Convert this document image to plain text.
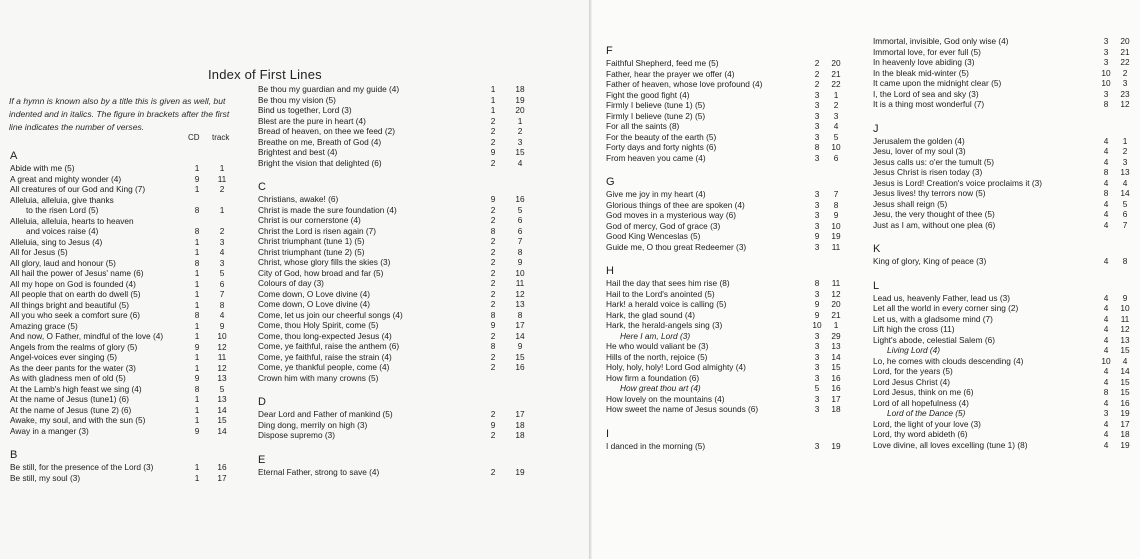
Index of First Lines
If a hymn is known also by a title this is given as well, but indented and in italics. The figure in brackets after the first line indicates the number of verses.
CD track
A
Abide with me (5)	1	1
A great and mighty wonder (4)	9	11
All creatures of our God and King (7)	1	2
Alleluia, alleluia, give thanks
to the risen Lord (5)	8	1
Alleluia, alleluia, hearts to heaven
and voices raise (4)	8	2
Alleluia, sing to Jesus (4)	1	3
All for Jesus (5)	1	4
All glory, laud and honour (5)	8	3
All hail the power of Jesus' name (6)	1	5
All my hope on God is founded (4)	1	6
All people that on earth do dwell (5)	1	7
All things bright and beautiful (5)	1	8
All you who seek a comfort sure (6)	8	4
Amazing grace (5)	1	9
And now, O Father, mindful of the love (4)	1	10
Angels from the realms of glory (5)	9	12
Angel-voices ever singing (5)	1	11
As the deer pants for the water (3)	1	12
As with gladness men of old (5)	9	13
At the Lamb's high feast we sing (4)	8	5
At the name of Jesus (tune1) (6)	1	13
At the name of Jesus (tune 2) (6)	1	14
Awake, my soul, and with the sun (5)	1	15
Away in a manger (3)	9	14
B
Be still, for the presence of the Lord (3)	1	16
Be still, my soul (3)	1	17
Be thou my guardian and my guide (4)	1	18
Be thou my vision (5)	1	19
Bind us together, Lord (3)	1	20
Blest are the pure in heart (4)	2	1
Bread of heaven, on thee we feed (2)	2	2
Breathe on me, Breath of God (4)	2	3
Brightest and best (4)	9	15
Bright the vision that delighted (6)	2	4
C
Christians, awake! (6)	9	16
Christ is made the sure foundation (4)	2	5
Christ is our cornerstone (4)	2	6
Christ the Lord is risen again (7)	8	6
Christ triumphant (tune 1) (5)	2	7
Christ triumphant (tune 2) (5)	2	8
Christ, whose glory fills the skies (3)	2	9
City of God, how broad and far (5)	2	10
Colours of day (3)	2	11
Come down, O Love divine (4)	2	12
Come down, O Love divine (4)	2	13
Come, let us join our cheerful songs (4)	8	8
Come, thou Holy Spirit, come (5)	9	17
Come, thou long-expected Jesus (4)	2	14
Come, ye faithful, raise the anthem (6)	8	9
Come, ye faithful, raise the strain (4)	2	15
Come, ye thankful people, come (4)	2	16
Crown him with many crowns (5)
D
Dear Lord and Father of mankind (5)	2	17
Ding dong, merrily on high (3)	9	18
Dispose supremo (3)	2	18
E
Eternal Father, strong to save (4)	2	19
F
Faithful Shepherd, feed me (5)	2	20
Father, hear the prayer we offer (4)	2	21
Father of heaven, whose love profound (4)	2	22
Fight the good fight (4)	3	1
Firmly I believe (tune 1) (5)	3	2
Firmly I believe (tune 2) (5)	3	3
For all the saints (8)	3	4
For the beauty of the earth (5)	3	5
Forty days and forty nights (6)	8	10
From heaven you came (4)	3	6
G
Give me joy in my heart (4)	3	7
Glorious things of thee are spoken (4)	3	8
God moves in a mysterious way (6)	3	9
God of mercy, God of grace (3)	3	10
Good King Wenceslas (5)	9	19
Guide me, O thou great Redeemer (3)	3	11
H
Hail the day that sees him rise (8)	8	11
Hail to the Lord's anointed (5)	3	12
Hark! a herald voice is calling (5)	9	20
Hark, the glad sound (4)	9	21
Hark, the herald-angels sing (3)	10	1
Here I am, Lord (3)	3	29
He who would valiant be (3)	3	13
Hills of the north, rejoice (5)	3	14
Holy, holy, holy! Lord God almighty (4)	3	15
How firm a foundation (6)	3	16
How great thou art (4)	5	16
How lovely on the mountains (4)	3	17
How sweet the name of Jesus sounds (6)	3	18
I
I danced in the morning (5)	3	19
Immortal, invisible, God only wise (4)	3	20
Immortal love, for ever full (5)	3	21
In heavenly love abiding (3)	3	22
In the bleak mid-winter (5)	10	2
It came upon the midnight clear (5)	10	3
I, the Lord of sea and sky (3)	3	23
It is a thing most wonderful (7)	8	12
J
Jerusalem the golden (4)	4	1
Jesu, lover of my soul (3)	4	2
Jesus calls us: o'er the tumult (5)	4	3
Jesus Christ is risen today (3)	8	13
Jesus is Lord! Creation's voice proclaims it (3)	4	4
Jesus lives! thy terrors now (5)	8	14
Jesus shall reign (5)	4	5
Jesu, the very thought of thee (5)	4	6
Just as I am, without one plea (6)	4	7
K
King of glory, King of peace (3)	4	8
L
Lead us, heavenly Father, lead us (3)	4	9
Let all the world in every corner sing (2)	4	10
Let us, with a gladsome mind (7)	4	11
Lift high the cross (11)	4	12
Light's abode, celestial Salem (6)	4	13
Living Lord (4)	4	15
Lo, he comes with clouds descending (4)	10	4
Lord, for the years (5)	4	14
Lord Jesus Christ (4)	4	15
Lord Jesus, think on me (6)	8	15
Lord of all hopefulness (4)	4	16
Lord of the Dance (5)	3	19
Lord, the light of your love (3)	4	17
Lord, thy word abideth (6)	4	18
Love divine, all loves excelling (tune 1) (8)	4	19
